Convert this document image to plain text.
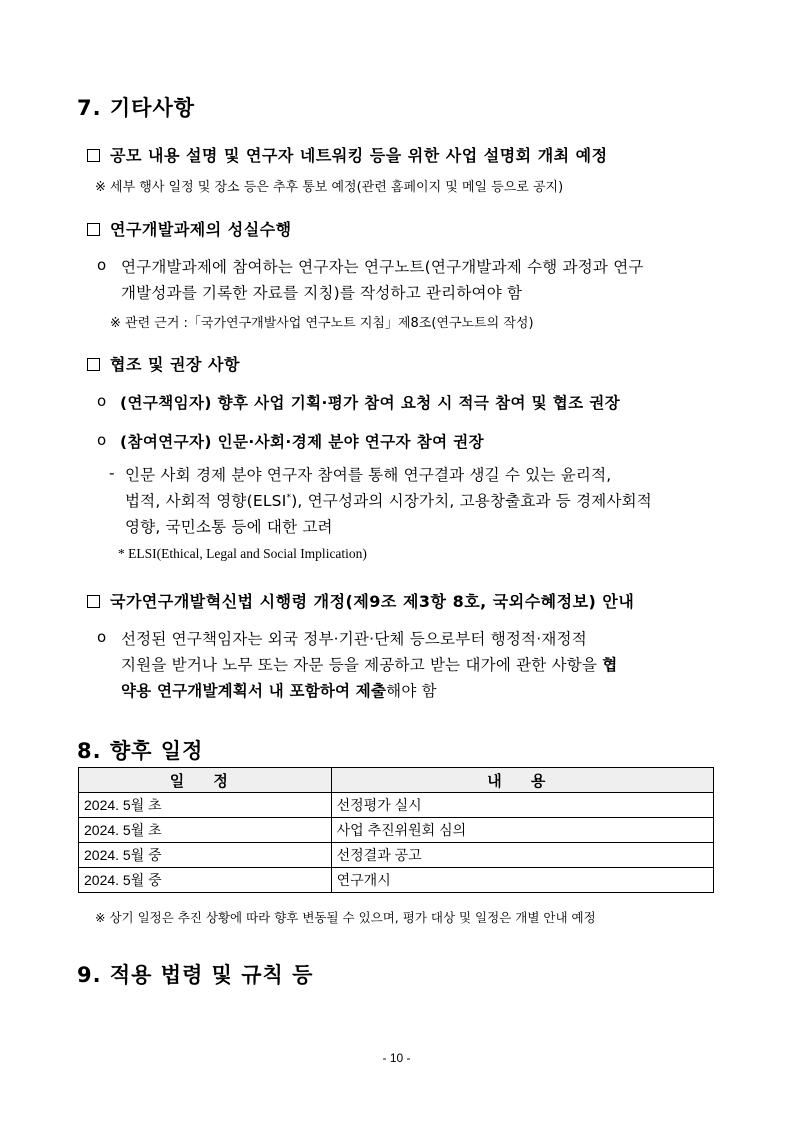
7. 기타사항
공모 내용 설명 및 연구자 네트워킹 등을 위한 사업 설명회 개최 예정
※ 세부 행사 일정 및 장소 등은 추후 통보 예정(관련 홈페이지 및 메일 등으로 공지)
연구개발과제의 성실수행
o 연구개발과제에 참여하는 연구자는 연구노트(연구개발과제 수행 과정과 연구
개발성과를 기록한 자료를 지칭)를 작성하고 관리하여야 함
※ 관련 근거 :「국가연구개발사업 연구노트 지침」제8조(연구노트의 작성)
협조 및 권장 사항
o (연구책임자) 향후 사업 기획·평가 참여 요청 시 적극 참여 및 협조 권장
o (참여연구자) 인문·사회·경제 분야 연구자 참여 권장
- 인문 사회 경제 분야 연구자 참여를 통해 연구결과 생길 수 있는 윤리적,
법적, 사회적 영향(ELSI*), 연구성과의 시장가치, 고용창출효과 등 경제사회적
영향, 국민소통 등에 대한 고려
* ELSI(Ethical, Legal and Social Implication)
국가연구개발혁신법 시행령 개정(제9조 제3항 8호, 국외수혜정보) 안내
o 선정된 연구책임자는 외국 정부·기관·단체 등으로부터 행정적·재정적
지원을 받거나 노무 또는 자문 등을 제공하고 받는 대가에 관한 사항을 협
약용 연구개발계획서 내 포함하여 제출해야 함
8. 향후 일정
일 정	내 용
2024. 5월 초	선정평가 실시
2024. 5월 초	사업 추진위원회 심의
2024. 5월 중	선정결과 공고
2024. 5월 중	연구개시
※ 상기 일정은 추진 상황에 따라 향후 변동될 수 있으며, 평가 대상 및 일정은 개별 안내 예정
9. 적용 법령 및 규칙 등
- 10 -
